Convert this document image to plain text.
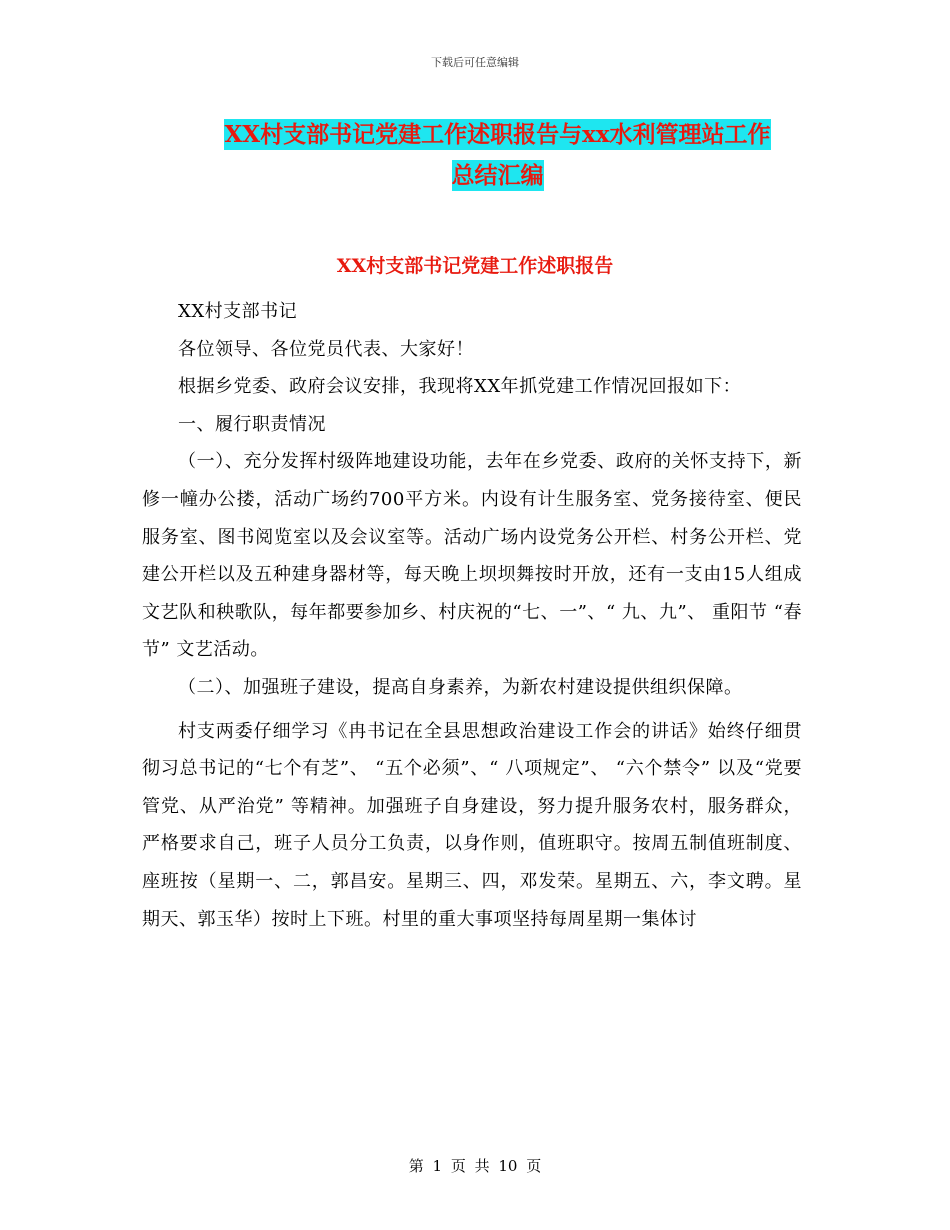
下载后可任意编辑
XX村支部书记党建工作述职报告与xx水利管理站工作
总结汇编
XX村支部书记党建工作述职报告

XX村支部书记

各位领导、各位党员代表、大家好！

根据乡党委、政府会议安排，我现将XX年抓党建工作情况回报如下：

一、履行职责情况

（一）、充分发挥村级阵地建设功能，去年在乡党委、政府的关怀支持下，新修一幢办公搂，活动广场约700平方米。内设有计生服务室、党务接待室、便民服务室、图书阅览室以及会议室等。活动广场内设党务公开栏、村务公开栏、党建公开栏以及五种建身器材等，每天晚上坝坝舞按时开放，还有一支由15人组成文艺队和秧歌队，每年都要参加乡、村庆祝的“七、一”、“ 九、九”、 重阳节 “春节” 文艺活动。

（二）、加强班子建设，提高自身素养，为新农村建设提供组织保障。

村支两委仔细学习《冉书记在全县思想政治建设工作会的讲话》始终仔细贯彻习总书记的“七个有芝”、 “五个必须”、“ 八项规定”、 “六个禁令” 以及“党要管党、从严治党” 等精神。加强班子自身建设，努力提升服务农村，服务群众，严格要求自己，班子人员分工负责，以身作则，值班职守。按周五制值班制度、座班按（星期一、二，郭昌安。星期三、四，邓发荣。星期五、六，李文聘。星期天、郭玉华）按时上下班。村里的重大事项坚持每周星期一集体讨

第 1 页 共 10 页
